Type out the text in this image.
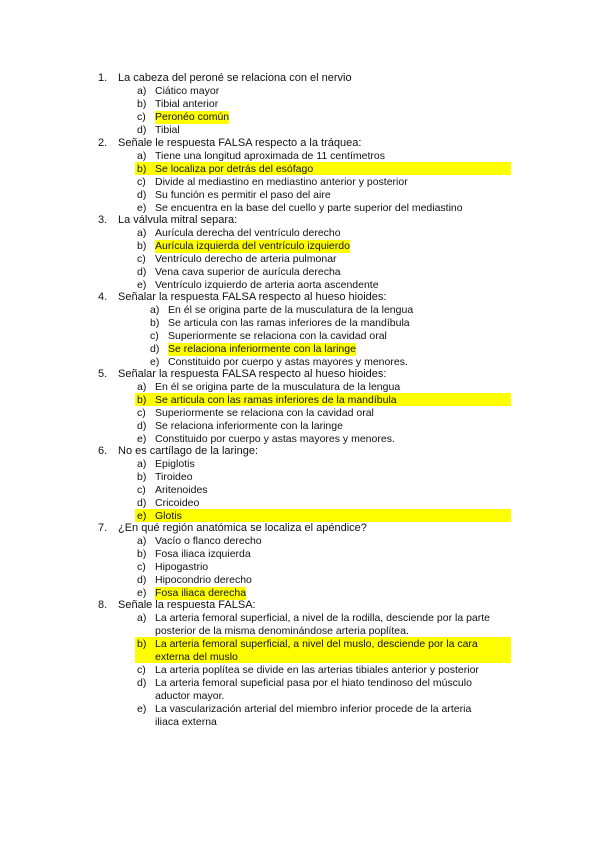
1. La cabeza del peroné se relaciona con el nervio
a) Ciático mayor
b) Tibial anterior
c) Peronéo común
d) Tibial
2. Señale le respuesta FALSA respecto a la tráquea:
a) Tiene una longitud aproximada de 11 centímetros
b) Se localiza por detrás del esófago
c) Divide al mediastino en mediastino anterior y posterior
d) Su función es permitir el paso del aire
e) Se encuentra en la base del cuello y parte superior del mediastino
3. La válvula mitral separa:
a) Aurícula derecha del ventrículo derecho
b) Aurícula izquierda del ventrículo izquierdo
c) Ventrículo derecho de arteria pulmonar
d) Vena cava superior de aurícula derecha
e) Ventrículo izquierdo de arteria aorta ascendente
4. Señalar la respuesta FALSA respecto al hueso hioides:
a) En él se origina parte de la musculatura de la lengua
b) Se articula con las ramas inferiores de la mandíbula
c) Superiormente se relaciona con la cavidad oral
d) Se relaciona inferiormente con la laringe
e) Constituido por cuerpo y astas mayores y menores.
5. Señalar la respuesta FALSA respecto al hueso hioides:
a) En él se origina parte de la musculatura de la lengua
b) Se articula con las ramas inferiores de la mandíbula
c) Superiormente se relaciona con la cavidad oral
d) Se relaciona inferiormente con la laringe
e) Constituido por cuerpo y astas mayores y menores.
6. No es cartílago de la laringe:
a) Epiglotis
b) Tiroideo
c) Aritenoides
d) Cricoideo
e) Glotis
7. ¿En qué región anatómica se localiza el apéndice?
a) Vacío o flanco derecho
b) Fosa iliaca izquierda
c) Hipogastrio
d) Hipocondrio derecho
e) Fosa iliaca derecha
8. Señale la respuesta FALSA:
a) La arteria femoral superficial, a nivel de la rodilla, desciende por la parte posterior de la misma denominándose arteria poplítea.
b) La arteria femoral superficial, a nivel del muslo, desciende por la cara externa del muslo
c) La arteria poplítea se divide en las arterias tibiales anterior y posterior
d) La arteria femoral supeficial pasa por el hiato tendinoso del músculo aductor mayor.
e) La vascularización arterial del miembro inferior procede de la arteria iliaca externa
